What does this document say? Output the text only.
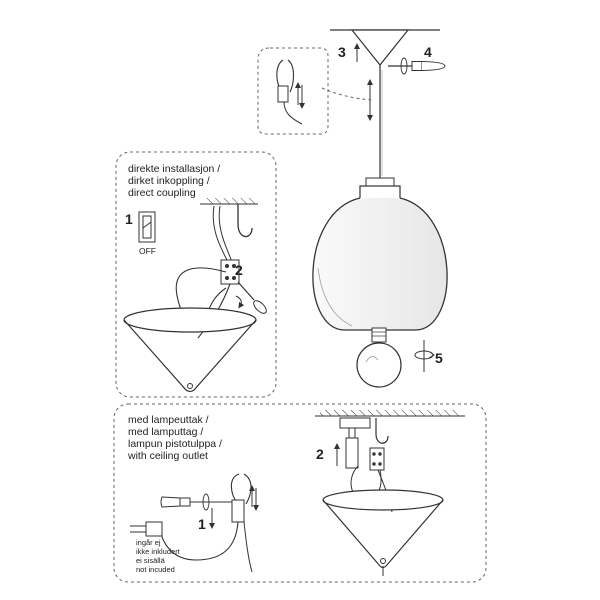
direkte installasjon /
dirket inkoppling /
direct coupling
1
OFF
2
3	4
5
med lampeuttak /
med lamputtag /
lampun pistotulppa /
with ceiling outlet	2
1
ingår ej
ikke inkludert
ei sisällä
not incuded
